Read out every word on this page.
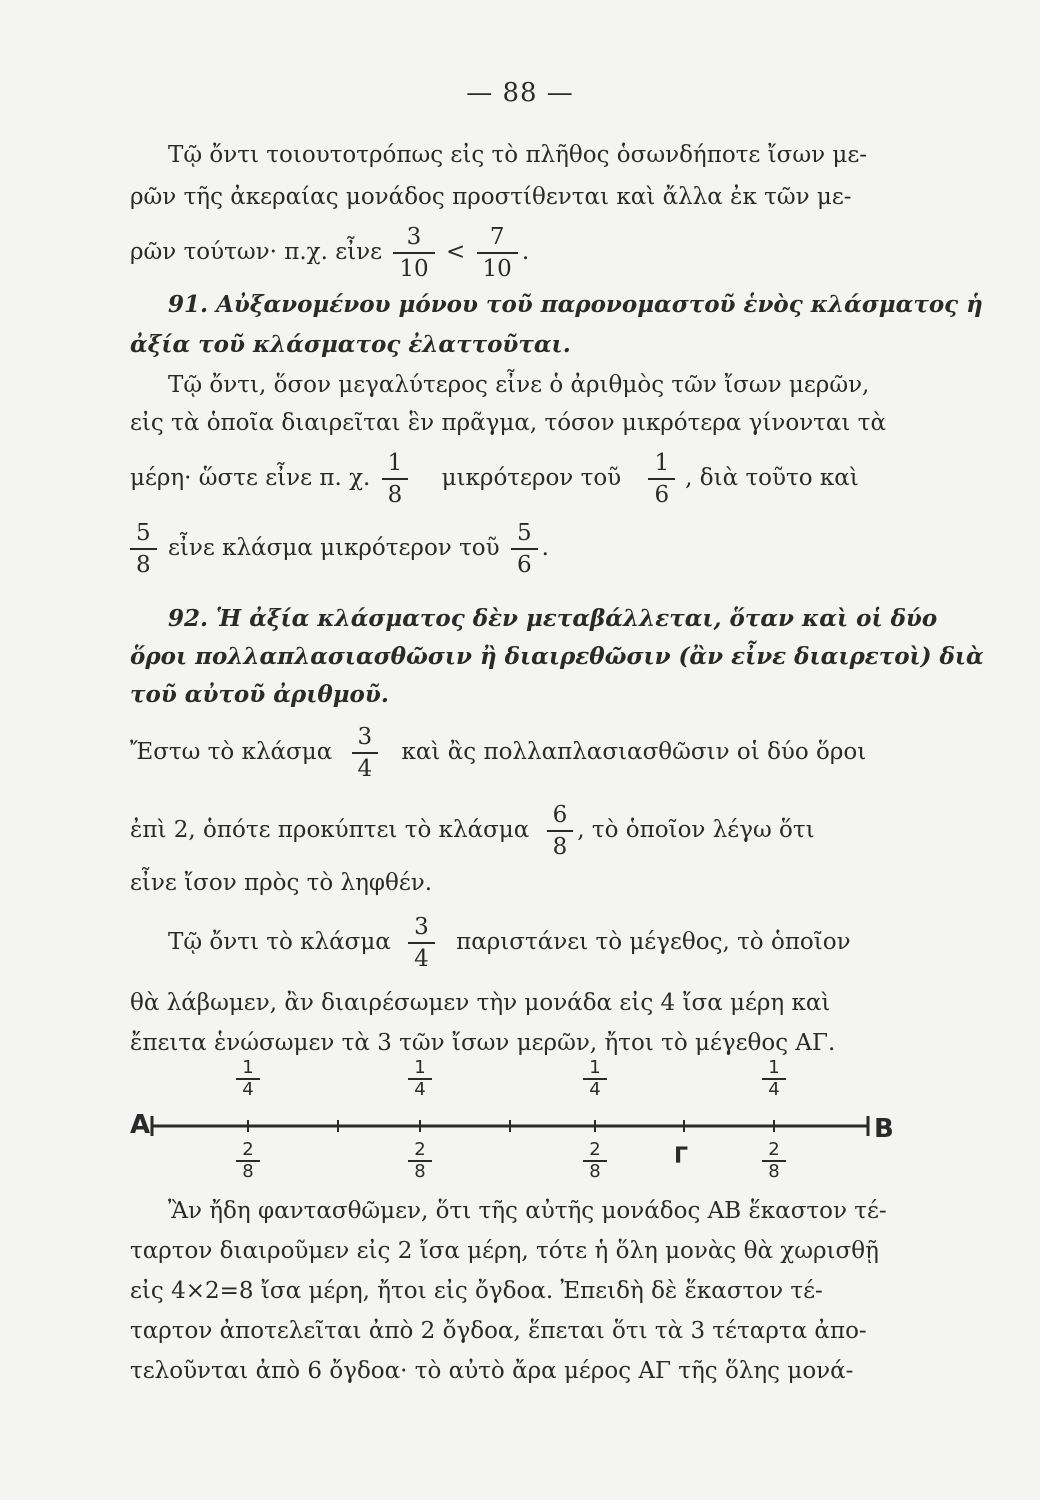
— 88 —
Τῷ ὄντι τοιουτοτρόπως εἰς τὸ πλῆθος ὁσωνδήποτε ἴσων με-
ρῶν τῆς ἀκεραίας μονάδος προστίθενται καὶ ἄλλα ἐκ τῶν με-
ρῶν τούτων· π.χ. εἶνε $\frac{3}{10} < \frac{7}{10}$ .
91. Αὐξανομένου μόνου τοῦ παρονομαστοῦ ἑνὸς κλάσματος ἡ
ἀξία τοῦ κλάσματος ἐλαττοῦται.
Τῷ ὄντι, ὅσον μεγαλύτερος εἶνε ὁ ἀριθμὸς τῶν ἴσων μερῶν,
εἰς τὰ ὁποῖα διαιρεῖται ἓν πρᾶγμα, τόσον μικρότερα γίνονται τὰ
μέρη· ὥστε εἶνε π. χ. $\frac{1}{8}$ μικρότερον τοῦ $\frac{1}{6}$ , διὰ τοῦτο καὶ
$\frac{5}{8}$ εἶνε κλάσμα μικρότερον τοῦ $\frac{5}{6}$ .
92. Ἡ ἀξία κλάσματος δὲν μεταβάλλεται, ὅταν καὶ οἱ δύο
ὅροι πολλαπλασιασθῶσιν ἢ διαιρεθῶσιν (ἂν εἶνε διαιρετοὶ) διὰ
τοῦ αὐτοῦ ἀριθμοῦ.
Ἔστω τὸ κλάσμα $\frac{3}{4}$ καὶ ἂς πολλαπλασιασθῶσιν οἱ δύο ὅροι
ἐπὶ 2, ὁπότε προκύπτει τὸ κλάσμα $\frac{6}{8}$ , τὸ ὁποῖον λέγω ὅτι
εἶνε ἴσον πρὸς τὸ ληφθέν.
Τῷ ὄντι τὸ κλάσμα $\frac{3}{4}$ παριστάνει τὸ μέγεθος, τὸ ὁποῖον
θὰ λάβωμεν, ἂν διαιρέσωμεν τὴν μονάδα εἰς 4 ἴσα μέρη καὶ
ἔπειτα ἑνώσωμεν τὰ 3 τῶν ἴσων μερῶν, ἤτοι τὸ μέγεθος ΑΓ.
A	B
Γ
$\frac{1}{4}$	$\frac{1}{4}$	$\frac{1}{4}$	$\frac{1}{4}$
$\frac{2}{8}$	$\frac{2}{8}$	$\frac{2}{8}$	$\frac{2}{8}$
Ἂν ἤδη φαντασθῶμεν, ὅτι τῆς αὐτῆς μονάδος ΑΒ ἕκαστον τέ-
ταρτον διαιροῦμεν εἰς 2 ἴσα μέρη, τότε ἡ ὅλη μονὰς θὰ χωρισθῇ
εἰς 4×2=8 ἴσα μέρη, ἤτοι εἰς ὄγδοα. Ἐπειδὴ δὲ ἕκαστον τέ-
ταρτον ἀποτελεῖται ἀπὸ 2 ὄγδοα, ἕπεται ὅτι τὰ 3 τέταρτα ἀπο-
τελοῦνται ἀπὸ 6 ὄγδοα· τὸ αὐτὸ ἄρα μέρος ΑΓ τῆς ὅλης μονά-
